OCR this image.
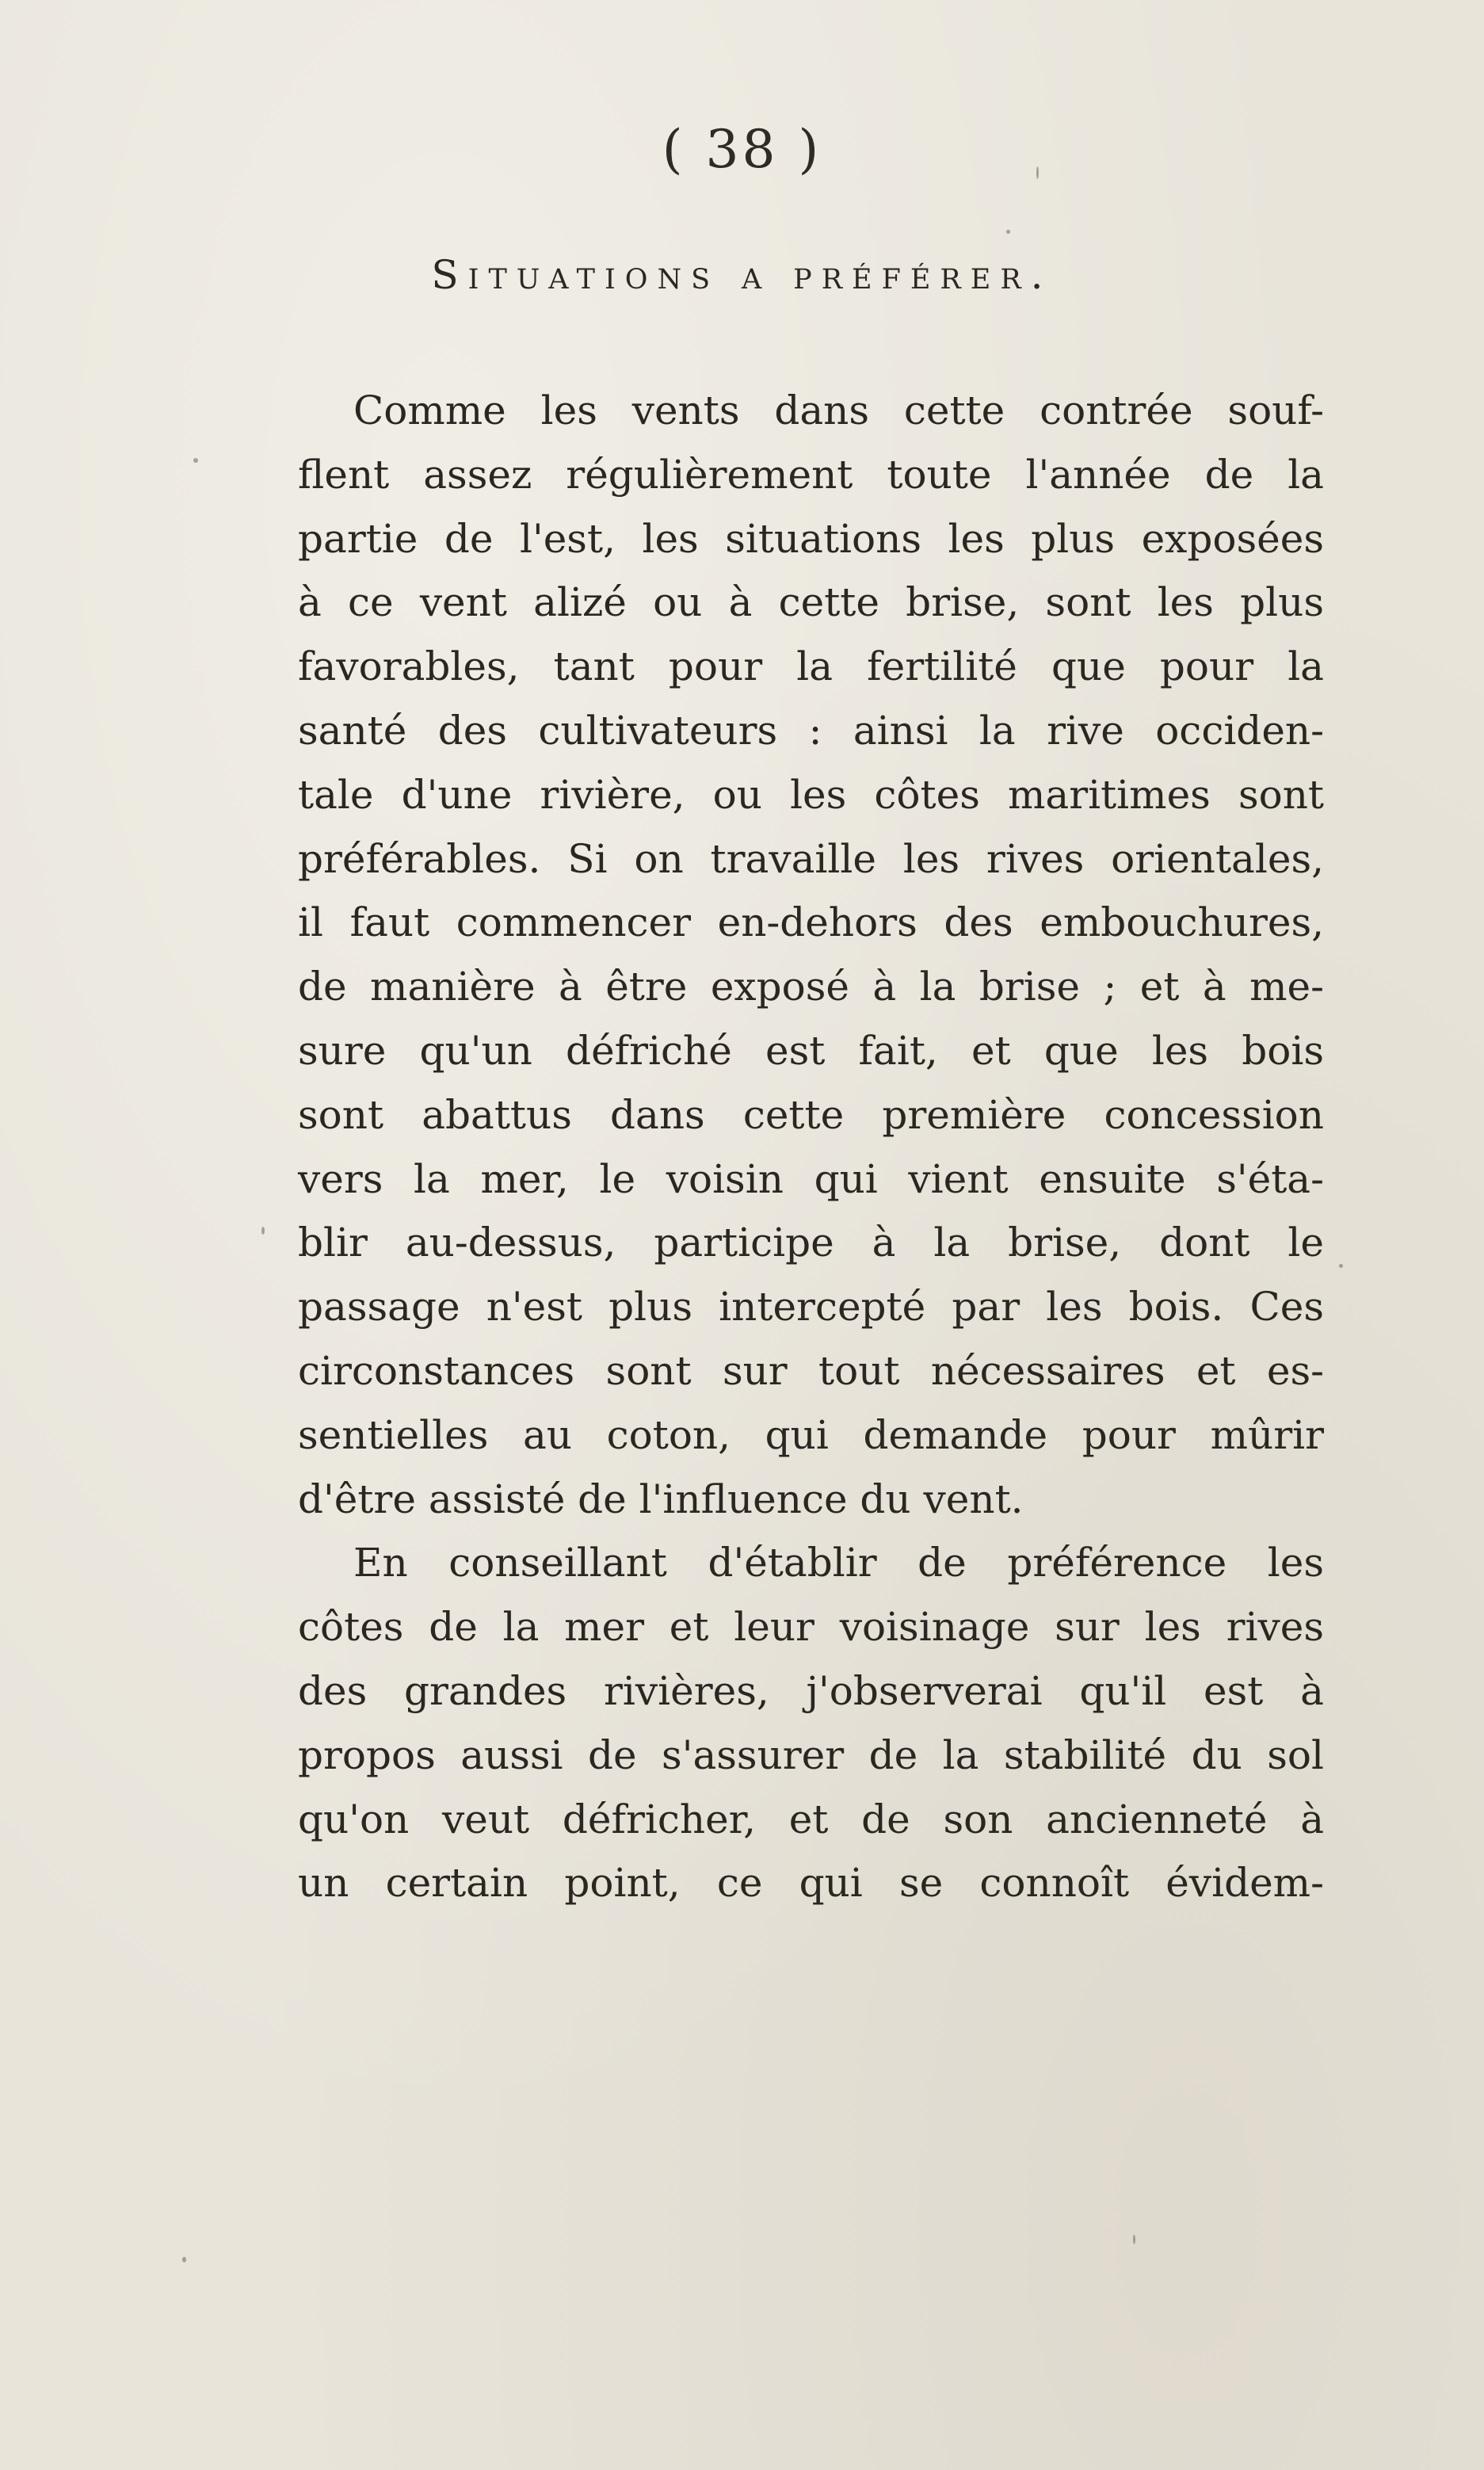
( 38 )
Situations a préférer.
Comme les vents dans cette contrée souf-
flent assez régulièrement toute l'année de la
partie de l'est, les situations les plus exposées
à ce vent alizé ou à cette brise, sont les plus
favorables, tant pour la fertilité que pour la
santé des cultivateurs : ainsi la rive occiden-
tale d'une rivière, ou les côtes maritimes sont
préférables. Si on travaille les rives orientales,
il faut commencer en-dehors des embouchures,
de manière à être exposé à la brise ; et à me-
sure qu'un défriché est fait, et que les bois
sont abattus dans cette première concession
vers la mer, le voisin qui vient ensuite s'éta-
blir au-dessus, participe à la brise, dont le
passage n'est plus intercepté par les bois. Ces
circonstances sont sur tout nécessaires et es-
sentielles au coton, qui demande pour mûrir
d'être assisté de l'influence du vent.
En conseillant d'établir de préférence les
côtes de la mer et leur voisinage sur les rives
des grandes rivières, j'observerai qu'il est à
propos aussi de s'assurer de la stabilité du sol
qu'on veut défricher, et de son ancienneté à
un certain point, ce qui se connoît évidem-
